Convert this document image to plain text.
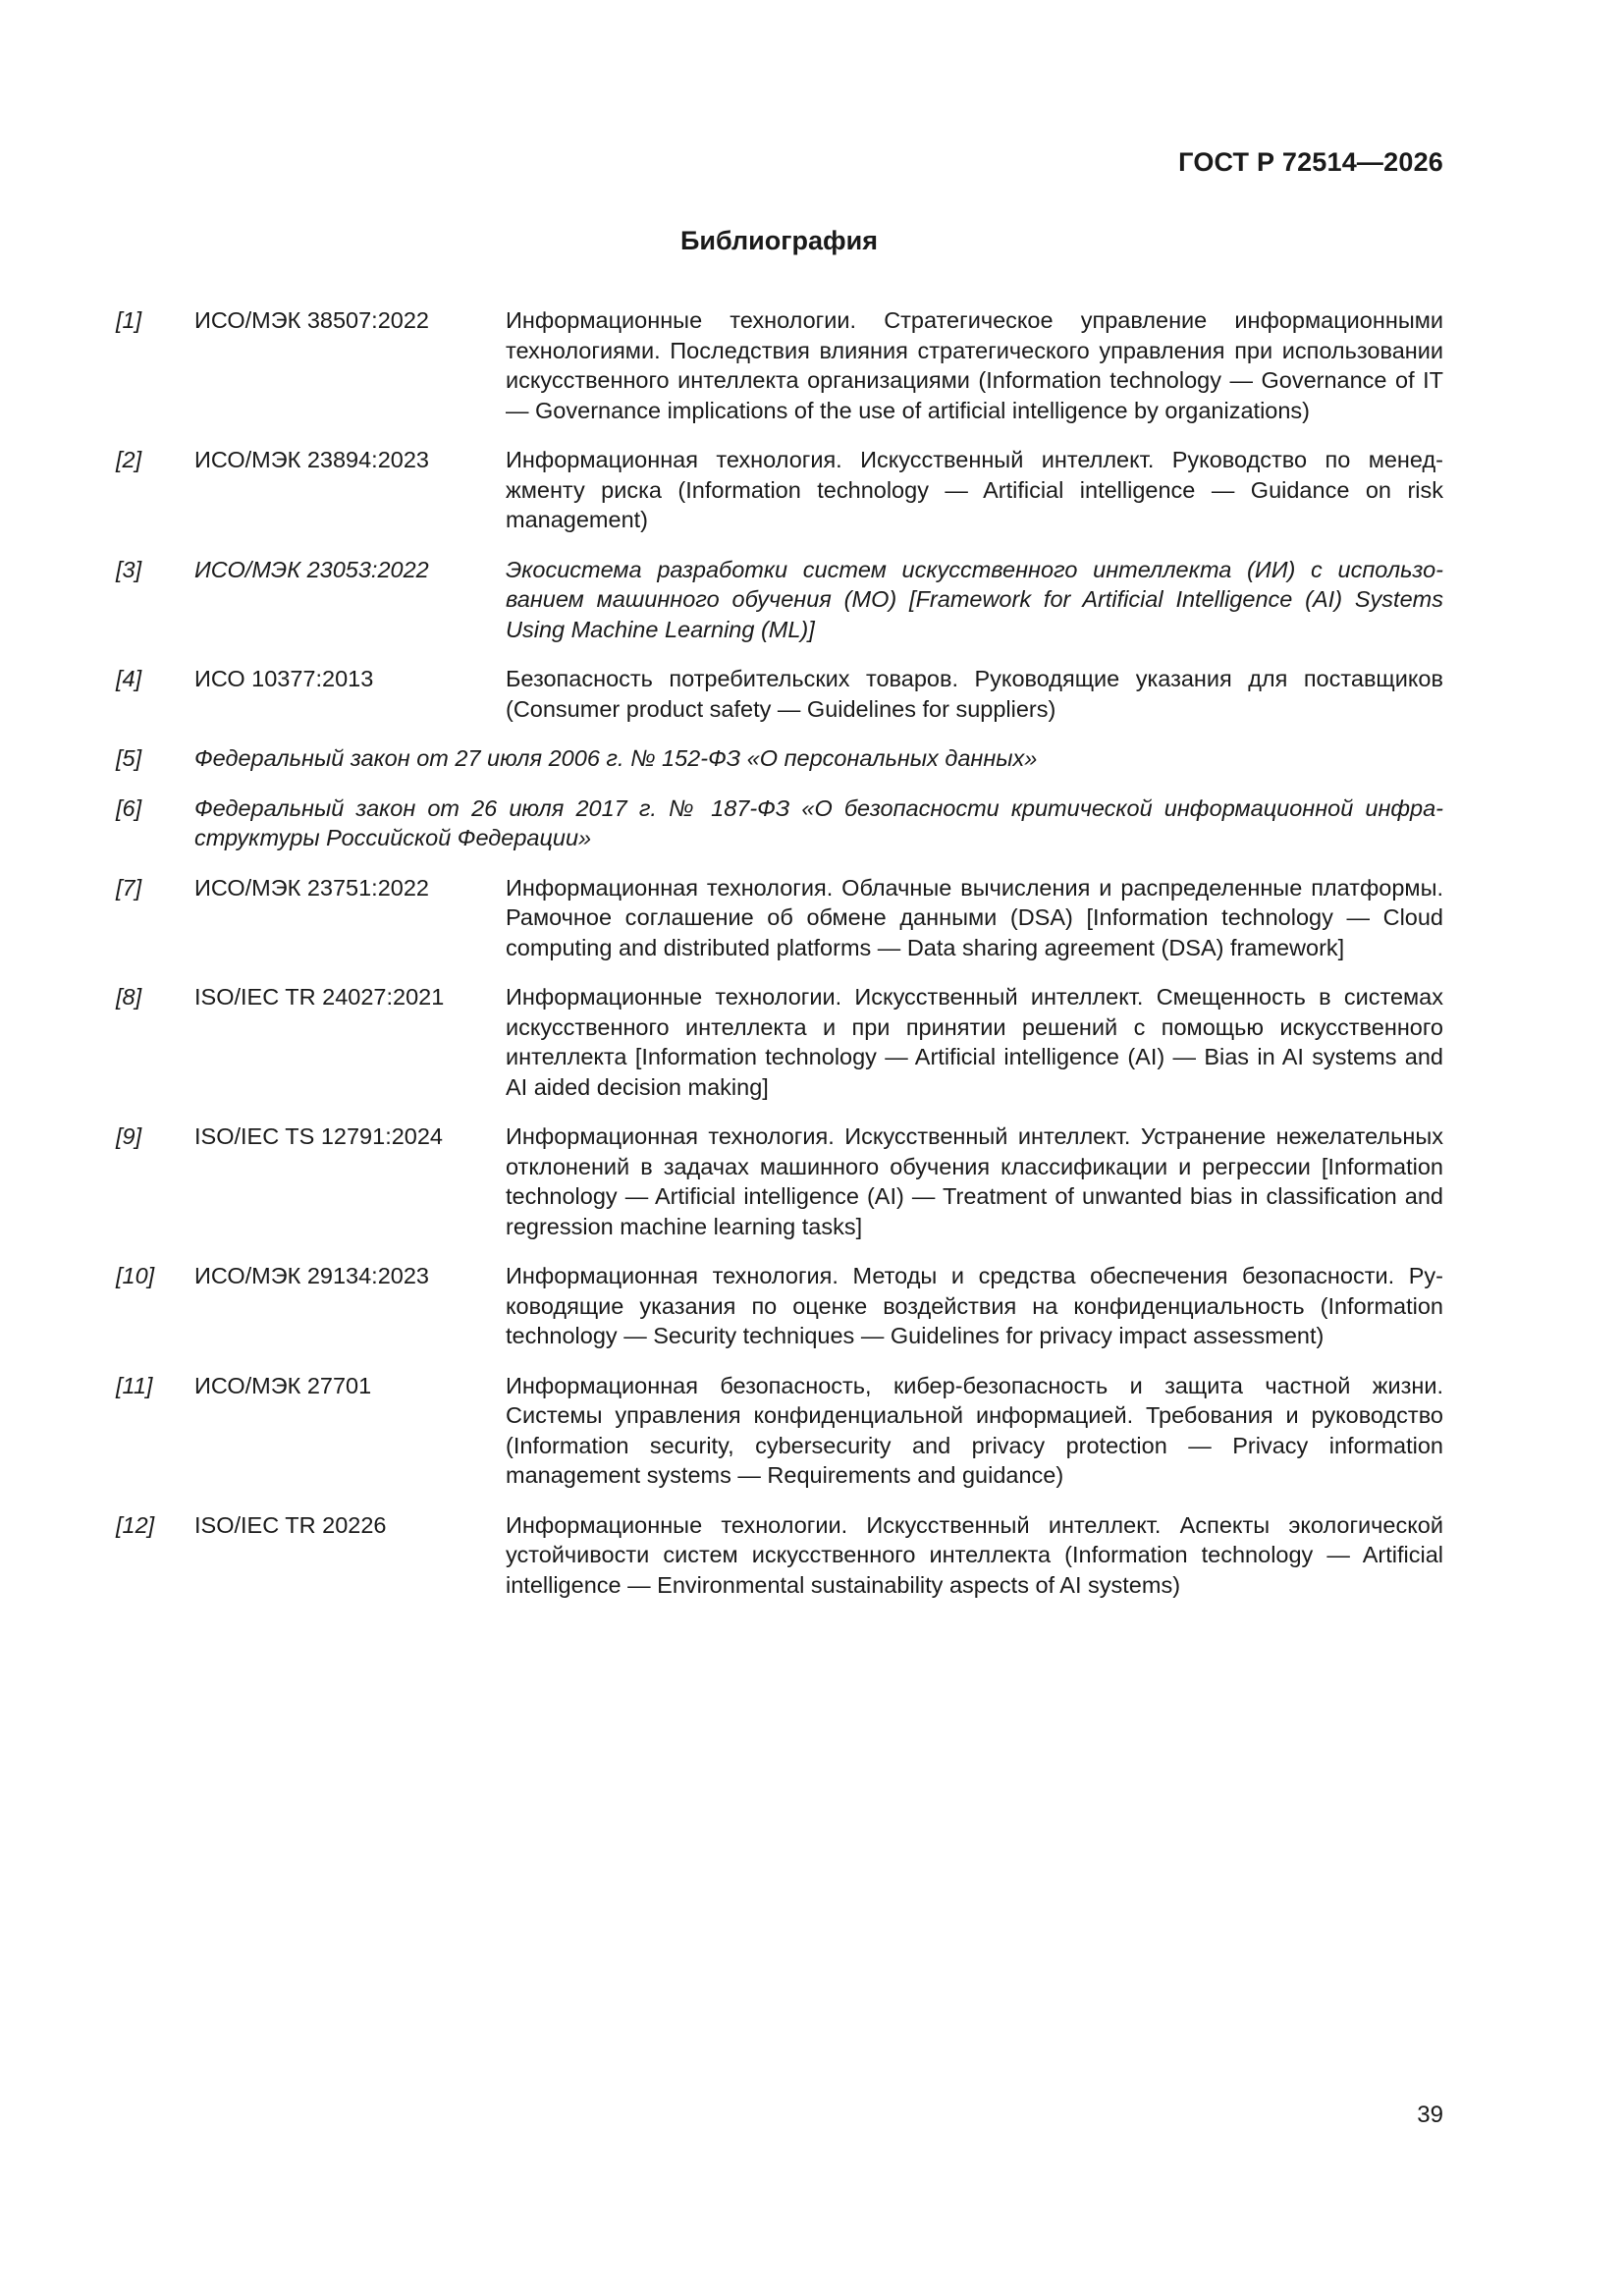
ГОСТ Р 72514—2026
Библиография
[1] ИСО/МЭК 38507:2022	Информационные технологии. Стратегическое управление информационными технологиями. Последствия влияния стратегического управления при использовании искусственного интеллекта организациями (Information technology — Governance of IT — Governance implications of the use of artificial intelligence by organizations)
[2] ИСО/МЭК 23894:2023	Информационная технология. Искусственный интеллект. Руководство по менеджменту риска (Information technology — Artificial intelligence — Guidance on risk management)
[3] ИСО/МЭК 23053:2022	Экосистема разработки систем искусственного интеллекта (ИИ) с использованием машинного обучения (МО) [Framework for Artificial Intelligence (AI) Systems Using Machine Learning (ML)]
[4] ИСО 10377:2013	Безопасность потребительских товаров. Руководящие указания для поставщиков (Consumer product safety — Guidelines for suppliers)
[5] Федеральный закон от 27 июля 2006 г. № 152-ФЗ «О персональных данных»
[6] Федеральный закон от 26 июля 2017 г. № 187-ФЗ «О безопасности критической информационной инфраструктуры Российской Федерации»
[7] ИСО/МЭК 23751:2022	Информационная технология. Облачные вычисления и распределенные платформы. Рамочное соглашение об обмене данными (DSA) [Information technology — Cloud computing and distributed platforms — Data sharing agreement (DSA) framework]
[8] ISO/IEC TR 24027:2021	Информационные технологии. Искусственный интеллект. Смещенность в системах искусственного интеллекта и при принятии решений с помощью искусственного интеллекта [Information technology — Artificial intelligence (AI) — Bias in AI systems and AI aided decision making]
[9] ISO/IEC TS 12791:2024	Информационная технология. Искусственный интеллект. Устранение нежелательных отклонений в задачах машинного обучения классификации и регрессии [Information technology — Artificial intelligence (AI) — Treatment of unwanted bias in classification and regression machine learning tasks]
[10] ИСО/МЭК 29134:2023	Информационная технология. Методы и средства обеспечения безопасности. Руководящие указания по оценке воздействия на конфиденциальность (Information technology — Security techniques — Guidelines for privacy impact assessment)
[11] ИСО/МЭК 27701	Информационная безопасность, кибер-безопасность и защита частной жизни. Системы управления конфиденциальной информацией. Требования и руководство (Information security, cybersecurity and privacy protection — Privacy information management systems — Requirements and guidance)
[12] ISO/IEC TR 20226	Информационные технологии. Искусственный интеллект. Аспекты экологической устойчивости систем искусственного интеллекта (Information technology — Artificial intelligence — Environmental sustainability aspects of AI systems)
39
